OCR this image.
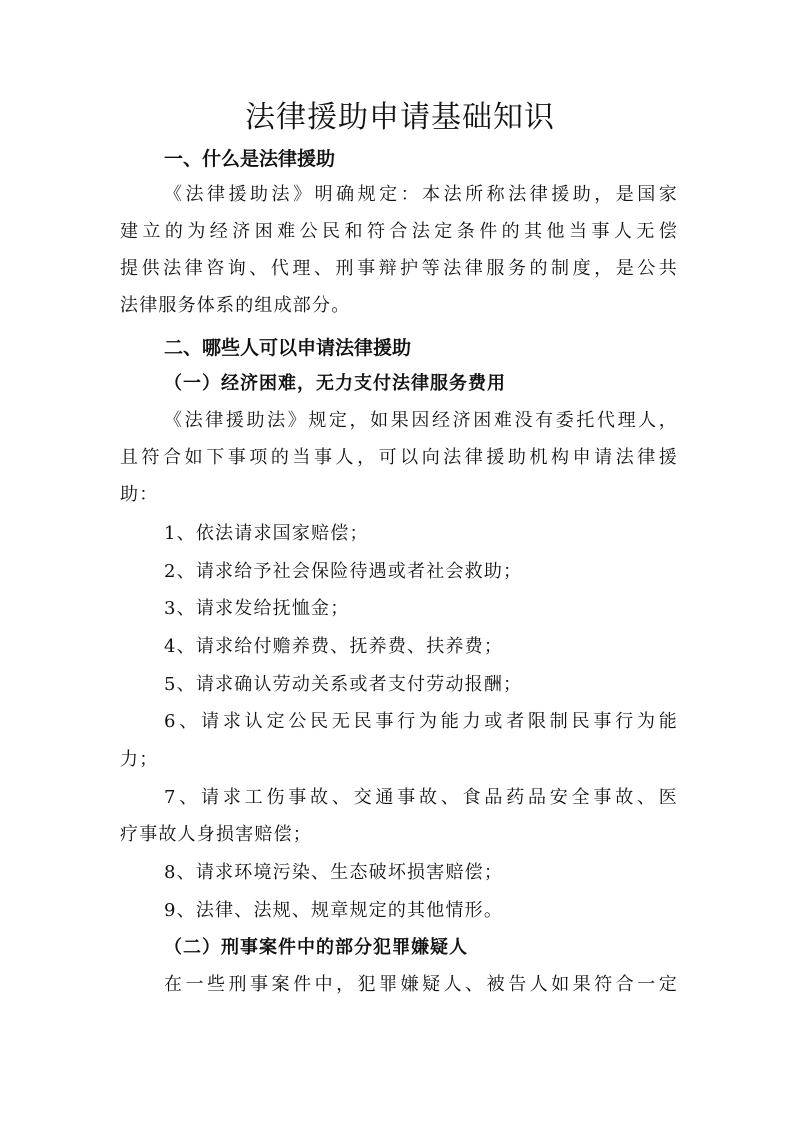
法律援助申请基础知识
一、什么是法律援助
《法律援助法》明确规定：本法所称法律援助，是国家
建立的为经济困难公民和符合法定条件的其他当事人无偿
提供法律咨询、代理、刑事辩护等法律服务的制度，是公共
法律服务体系的组成部分。
二、哪些人可以申请法律援助
（一）经济困难，无力支付法律服务费用
《法律援助法》规定，如果因经济困难没有委托代理人，
且符合如下事项的当事人，可以向法律援助机构申请法律援
助：
1、依法请求国家赔偿；
2、请求给予社会保险待遇或者社会救助；
3、请求发给抚恤金；
4、请求给付赡养费、抚养费、扶养费；
5、请求确认劳动关系或者支付劳动报酬；
6、请求认定公民无民事行为能力或者限制民事行为能
力；
7、请求工伤事故、交通事故、食品药品安全事故、医
疗事故人身损害赔偿；
8、请求环境污染、生态破坏损害赔偿；
9、法律、法规、规章规定的其他情形。
（二）刑事案件中的部分犯罪嫌疑人
在一些刑事案件中，犯罪嫌疑人、被告人如果符合一定
